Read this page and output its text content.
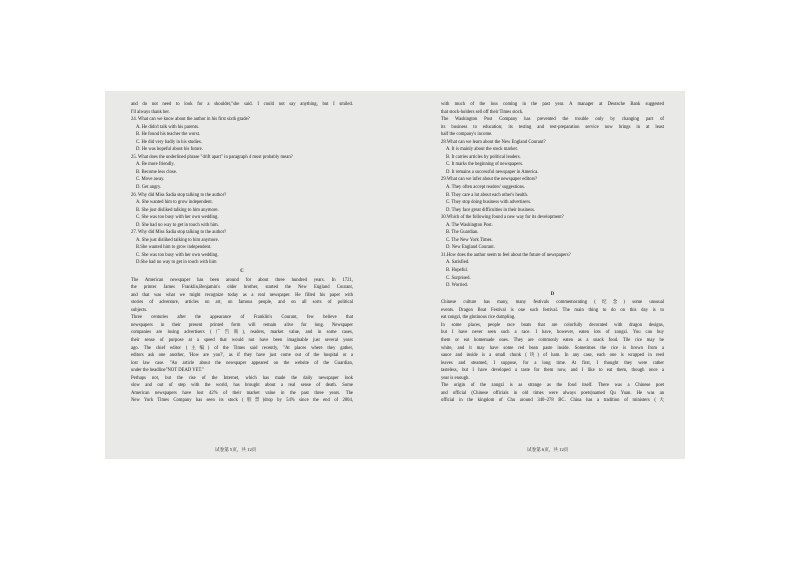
and do not need to look for a shoulder,"she said. I could not say anything, but I smiled.

I'll always thank her.

24. What can we know about the author in his first sixth grade?

A. He didn't talk with his parents.

B. He found his teacher the worst.

C. He did very badly in his studies.

D. He was hopeful about his future.

25. What does the underlined phrase "drift apart" in paragraph 4 most probably mean?

A. Be more friendly.

B. Become less close.

C. Move away.

D. Get angry.

26. Why did Miss Sadia stop talking to the author?

A. She wanted him to grow independent.

B. She just disliked talking to him anymore.

C. She was too busy with her own wedding.

D. She had no way to get in touch with him.

27. Why did Miss Sadia stop talking to the author?

A. She just disliked talking to him anymore.

B.She wanted him to grow independent.

C. She was too busy with her own wedding.

D.She had no way to get in touch with him

C

The American newspaper has been around for about three hundred years. In 1721,

the printer James Franklin,Benjamin's older brother, started the New England Courant,

and that was what we might recognize today as a real newspaper. He filled his paper with

stories of adventure, articles on art, on famous people, and on all sorts of political

subjects.

Three centuries after the appearance of Franklin's Courant, few believe that

newspapers in their present printed form will remain alive for long. Newspaper

companies are losing advertisers (广告商), readers, market value, and in some cases,

their sense of purpose at a speed that would not have been imaginable just several years

ago. The chief editor (主编) of the Times said recently, "At places where they gather,

editors ask one another, 'How are you?', as if they have just come out of the hospital or a

lost law case. "An article about the newspaper appeared on the website of the Guardian,

under the headline"NOT DEAD YET."

Perhaps not, but the rise of the Internet, which has made the daily newspaper look

slow and out of step with the world, has brought about a real sense of death. Some

American newspapers have lost 42% of their market value in the past three years. The

New York Times Company has seen its stock (股票)drop by 54% since the end of 2004,

with much of the loss coming in the past year. A manager at Deutsche Bank suggested

that stock-holders sell off their Times stock.

The Washington Post Company has prevented the trouble only by changing part of

its business to education; its testing and test-preparation service now brings in at least

half the company's income.

28.What can we learn about the New England Courant?

A. It is mainly about the stock market.

B. It carries articles by political leaders.

C. It marks the beginning of newspapers.

D. It remains a successful newspaper in America.

29.What can we infer about the newspaper editors?

A. They often accept readers' suggestions.

B. They care a lot about each other's health.

C. They stop doing business with advertisers.

D. They face great difficulties in their business.

30.Which of the following found a new way for its development?

A. The Washington Post.

B. The Guardian.

C. The New York Times.

D. New England Courant.

31.How does the author seem to feel about the future of newspapers?

A. Satisfied.

B. Hopeful.

C. Surprised.

D. Worried.

D

Chinese culture has many, many festivals commemorating (纪念) some unusual

events. Dragon Boat Festival is one such festival. The main thing to do on this day is to

eat zongzi, the glutinous rice dumpling.

In some places, people race boats that are colorfully decorated with dragon designs,

but I have never seen such a race. I have, however, eaten lots of zongzi. You can buy

them or eat homemade ones. They are commonly eaten as a snack food. Tile rice may be

white, and it may have some red bean paste inside. Sometimes the rice is brown from a

sauce and inside is a small chunk (块) of ham. In any case, each one is wrapped in reed

leaves and steamed, I suppose, for a long time. At first, I thought they were rather

tasteless, but I have developed a taste for them now, and I like to eat them, though once a

year is enough.

The origin of the zongzi is as strange as the food itself. There was a Chinese poet

and official (Chinese officials in old times were always poets)named Qu Yuan. He was an

official in the kingdom of Chu around 340–278 BC. China has a tradition of ministers (大

试卷第 5页，共 12页	试卷第 6页，共 12页
